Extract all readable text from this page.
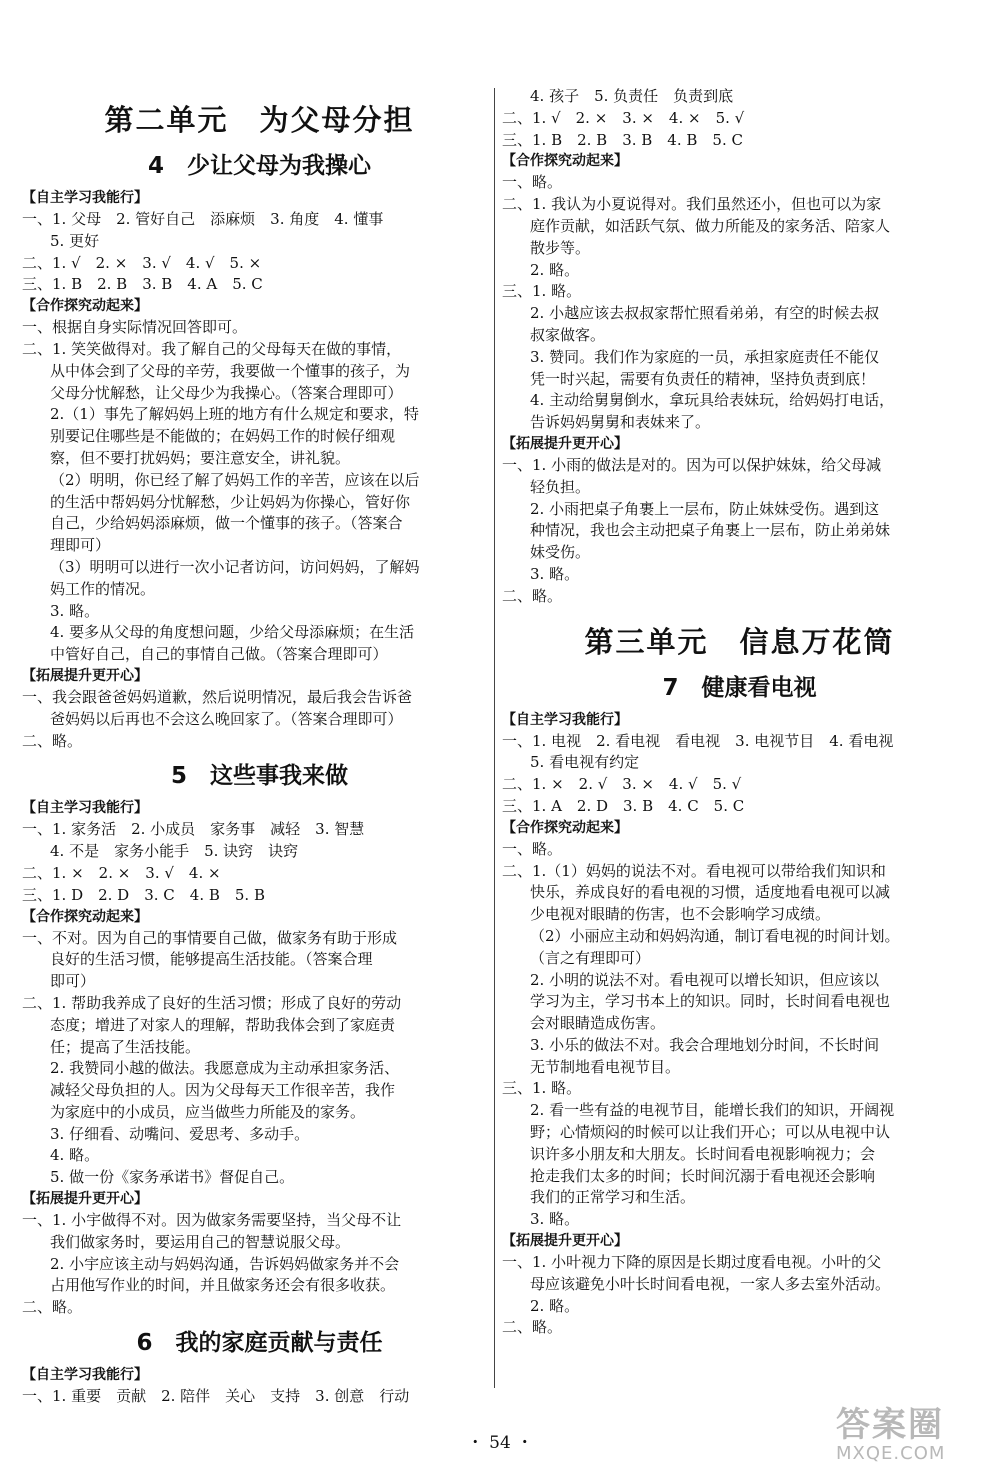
第二单元　为父母分担
4　少让父母为我操心
【自主学习我能行】
一、1. 父母　2. 管好自己　添麻烦　3. 角度　4. 懂事
5. 更好
二、1. √　2. ×　3. √　4. √　5. ×
三、1. B　2. B　3. B　4. A　5. C
【合作探究动起来】
一、根据自身实际情况回答即可。
二、1. 笑笑做得对。我了解自己的父母每天在做的事情，
从中体会到了父母的辛劳，我要做一个懂事的孩子，为
父母分忧解愁，让父母少为我操心。（答案合理即可）
2.（1）事先了解妈妈上班的地方有什么规定和要求，特
别要记住哪些是不能做的；在妈妈工作的时候仔细观
察，但不要打扰妈妈；要注意安全，讲礼貌。
（2）明明，你已经了解了妈妈工作的辛苦，应该在以后
的生活中帮妈妈分忧解愁，少让妈妈为你操心，管好你
自己，少给妈妈添麻烦，做一个懂事的孩子。（答案合
理即可）
（3）明明可以进行一次小记者访问，访问妈妈，了解妈
妈工作的情况。
3. 略。
4. 要多从父母的角度想问题，少给父母添麻烦；在生活
中管好自己，自己的事情自己做。（答案合理即可）
【拓展提升更开心】
一、我会跟爸爸妈妈道歉，然后说明情况，最后我会告诉爸
爸妈妈以后再也不会这么晚回家了。（答案合理即可）
二、略。
5　这些事我来做
【自主学习我能行】
一、1. 家务活　2. 小成员　家务事　减轻　3. 智慧
4. 不是　家务小能手　5. 诀窍　诀窍
二、1. ×　2. ×　3. √　4. ×
三、1. D　2. D　3. C　4. B　5. B
【合作探究动起来】
一、不对。因为自己的事情要自己做，做家务有助于形成
良好的生活习惯，能够提高生活技能。（答案合理
即可）
二、1. 帮助我养成了良好的生活习惯；形成了良好的劳动
态度；增进了对家人的理解，帮助我体会到了家庭责
任；提高了生活技能。
2. 我赞同小越的做法。我愿意成为主动承担家务活、
减轻父母负担的人。因为父母每天工作很辛苦，我作
为家庭中的小成员，应当做些力所能及的家务。
3. 仔细看、动嘴问、爱思考、多动手。
4. 略。
5. 做一份《家务承诺书》督促自己。
【拓展提升更开心】
一、1. 小宇做得不对。因为做家务需要坚持，当父母不让
我们做家务时，要运用自己的智慧说服父母。
2. 小宇应该主动与妈妈沟通，告诉妈妈做家务并不会
占用他写作业的时间，并且做家务还会有很多收获。
二、略。
6　我的家庭贡献与责任
【自主学习我能行】
一、1. 重要　贡献　2. 陪伴　关心　支持　3. 创意　行动
4. 孩子　5. 负责任　负责到底
二、1. √　2. ×　3. ×　4. ×　5. √
三、1. B　2. B　3. B　4. B　5. C
【合作探究动起来】
一、略。
二、1. 我认为小夏说得对。我们虽然还小，但也可以为家
庭作贡献，如活跃气氛、做力所能及的家务活、陪家人
散步等。
2. 略。
三、1. 略。
2. 小越应该去叔叔家帮忙照看弟弟，有空的时候去叔
叔家做客。
3. 赞同。我们作为家庭的一员，承担家庭责任不能仅
凭一时兴起，需要有负责任的精神，坚持负责到底！
4. 主动给舅舅倒水，拿玩具给表妹玩，给妈妈打电话，
告诉妈妈舅舅和表妹来了。
【拓展提升更开心】
一、1. 小雨的做法是对的。因为可以保护妹妹，给父母减
轻负担。
2. 小雨把桌子角裹上一层布，防止妹妹受伤。遇到这
种情况，我也会主动把桌子角裹上一层布，防止弟弟妹
妹受伤。
3. 略。
二、略。
第三单元　信息万花筒
7　健康看电视
【自主学习我能行】
一、1. 电视　2. 看电视　看电视　3. 电视节目　4. 看电视
5. 看电视有约定
二、1. ×　2. √　3. ×　4. √　5. √
三、1. A　2. D　3. B　4. C　5. C
【合作探究动起来】
一、略。
二、1.（1）妈妈的说法不对。看电视可以带给我们知识和
快乐，养成良好的看电视的习惯，适度地看电视可以减
少电视对眼睛的伤害，也不会影响学习成绩。
（2）小丽应主动和妈妈沟通，制订看电视的时间计划。
（言之有理即可）
2. 小明的说法不对。看电视可以增长知识，但应该以
学习为主，学习书本上的知识。同时，长时间看电视也
会对眼睛造成伤害。
3. 小乐的做法不对。我会合理地划分时间，不长时间
无节制地看电视节目。
三、1. 略。
2. 看一些有益的电视节目，能增长我们的知识，开阔视
野；心情烦闷的时候可以让我们开心；可以从电视中认
识许多小朋友和大朋友。长时间看电视影响视力；会
抢走我们太多的时间；长时间沉溺于看电视还会影响
我们的正常学习和生活。
3. 略。
【拓展提升更开心】
一、1. 小叶视力下降的原因是长期过度看电视。小叶的父
母应该避免小叶长时间看电视，一家人多去室外活动。
2. 略。
二、略。
・ 54 ・	答案圈
MXQE.COM
